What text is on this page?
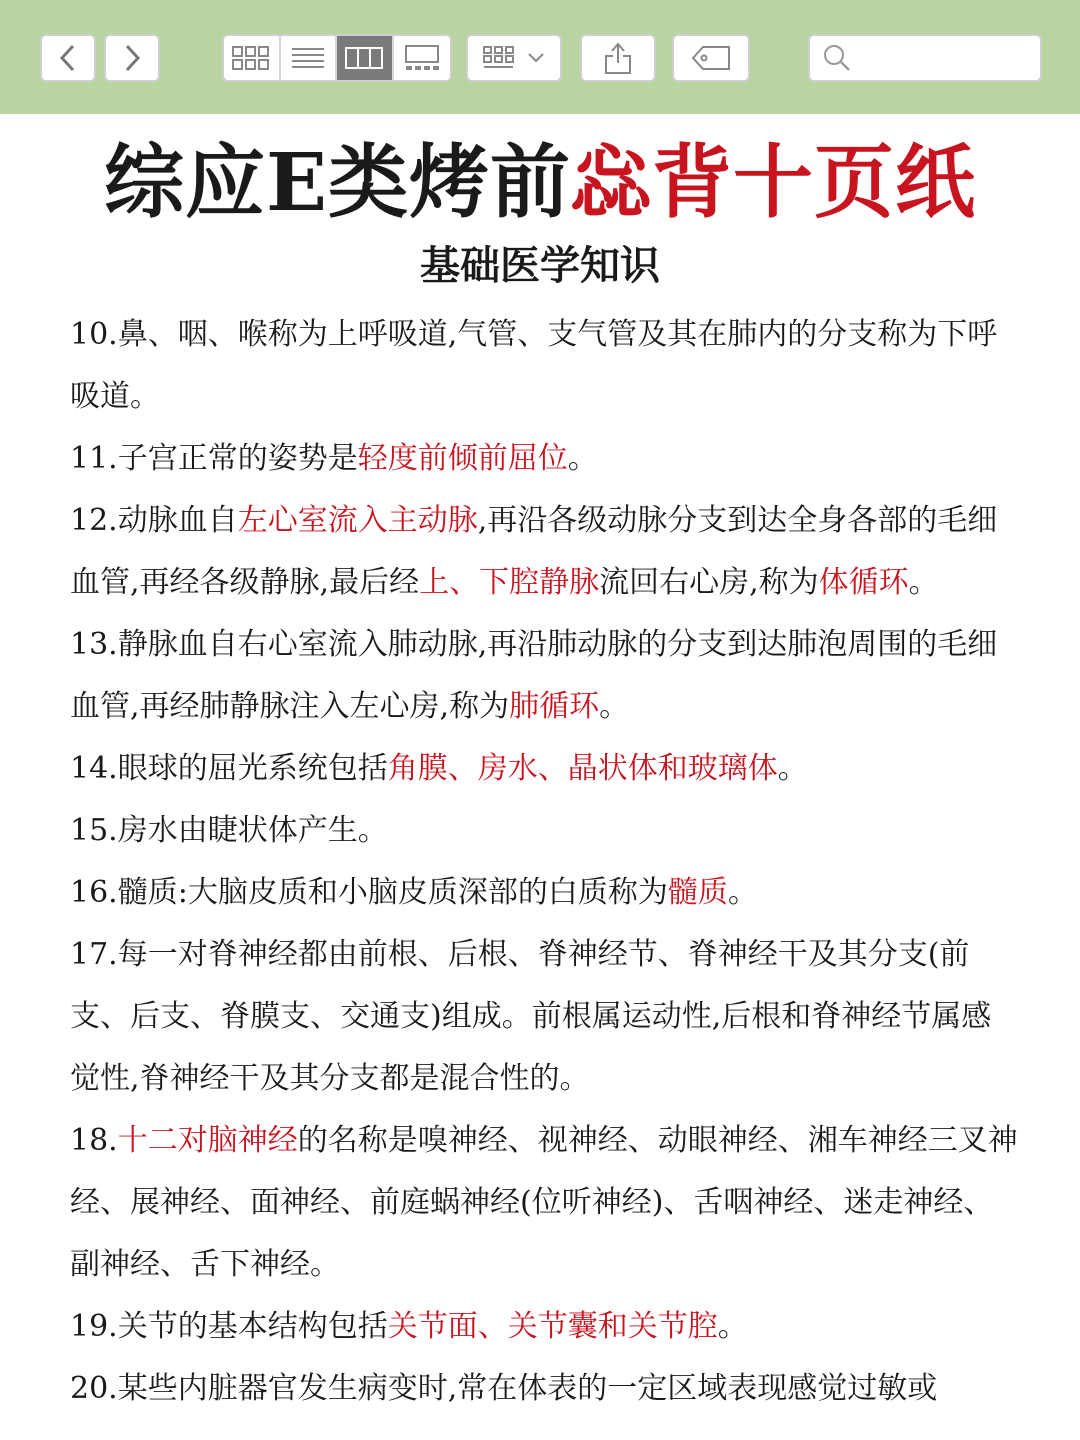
综应E类烤前惢背十页纸
基础医学知识

10.鼻、咽、喉称为上呼吸道,气管、支气管及其在肺内的分支称为下呼吸道。

11.子宫正常的姿势是轻度前倾前屈位。

12.动脉血自左心室流入主动脉,再沿各级动脉分支到达全身各部的毛细血管,再经各级静脉,最后经上、下腔静脉流回右心房,称为体循环。

13.静脉血自右心室流入肺动脉,再沿肺动脉的分支到达肺泡周围的毛细血管,再经肺静脉注入左心房,称为肺循环。

14.眼球的屈光系统包括角膜、房水、晶状体和玻璃体。

15.房水由睫状体产生。

16.髓质:大脑皮质和小脑皮质深部的白质称为髓质。

17.每一对脊神经都由前根、后根、脊神经节、脊神经干及其分支(前支、后支、脊膜支、交通支)组成。前根属运动性,后根和脊神经节属感觉性,脊神经干及其分支都是混合性的。

18.十二对脑神经的名称是嗅神经、视神经、动眼神经、湘车神经三叉神经、展神经、面神经、前庭蜗神经(位听神经)、舌咽神经、迷走神经、副神经、舌下神经。

19.关节的基本结构包括关节面、关节囊和关节腔。

20.某些内脏器官发生病变时,常在体表的一定区域表现感觉过敏或
